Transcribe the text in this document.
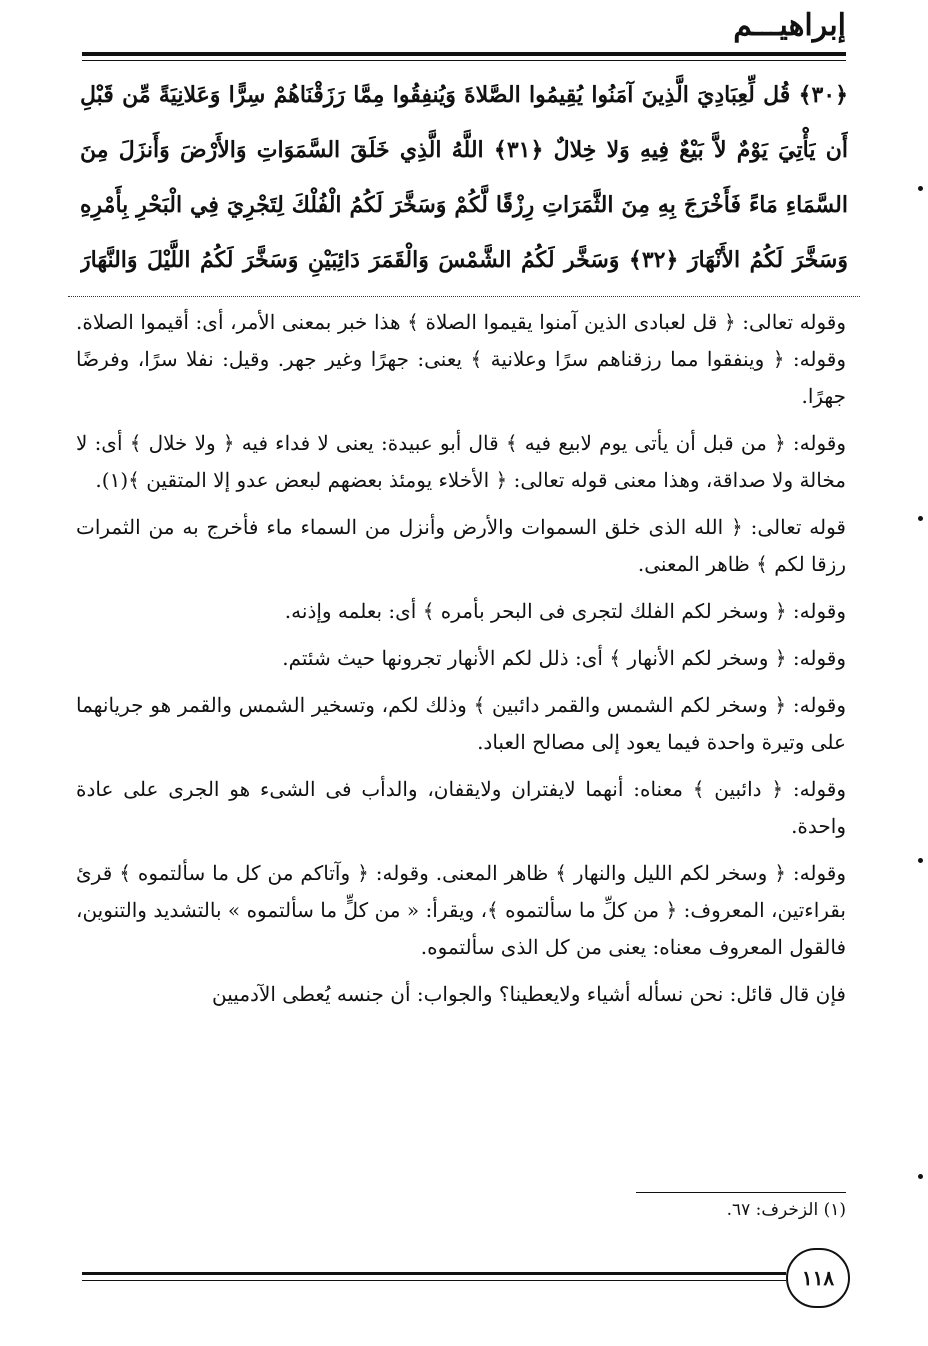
إبراهيـــم
﴿٣٠﴾ قُل لِّعِبَادِيَ الَّذِينَ آمَنُوا يُقِيمُوا الصَّلاةَ وَيُنفِقُوا مِمَّا رَزَقْنَاهُمْ سِرًّا وَعَلانِيَةً مِّن قَبْلِ
أَن يَأْتِيَ يَوْمٌ لاَّ بَيْعٌ فِيهِ وَلا خِلالٌ ﴿٣١﴾ اللَّهُ الَّذِي خَلَقَ السَّمَوَاتِ وَالأَرْضَ وَأَنزَلَ مِنَ
السَّمَاءِ مَاءً فَأَخْرَجَ بِهِ مِنَ الثَّمَرَاتِ رِزْقًا لَّكُمْ وَسَخَّرَ لَكُمُ الْفُلْكَ لِتَجْرِيَ فِي الْبَحْرِ بِأَمْرِهِ
وَسَخَّرَ لَكُمُ الأَنْهَارَ ﴿٣٢﴾ وَسَخَّر لَكُمُ الشَّمْسَ وَالْقَمَرَ دَائِبَيْنِ وَسَخَّرَ لَكُمُ اللَّيْلَ وَالنَّهَارَ

وقوله تعالى: ﴿ قل لعبادى الذين آمنوا يقيموا الصلاة ﴾ هذا خبر بمعنى الأمر، أى: أقيموا الصلاة. وقوله: ﴿ وينفقوا مما رزقناهم سرًا وعلانية ﴾ يعنى: جهرًا وغير جهر. وقيل: نفلا سرًا، وفرضًا جهرًا.

وقوله: ﴿ من قبل أن يأتى يوم لابيع فيه ﴾ قال أبو عبيدة: يعنى لا فداء فيه ﴿ ولا خلال ﴾ أى: لا مخالة ولا صداقة، وهذا معنى قوله تعالى: ﴿ الأخلاء يومئذ بعضهم لبعض عدو إلا المتقين ﴾(١).

قوله تعالى: ﴿ الله الذى خلق السموات والأرض وأنزل من السماء ماء فأخرج به من الثمرات رزقا لكم ﴾ ظاهر المعنى.

وقوله: ﴿ وسخر لكم الفلك لتجرى فى البحر بأمره ﴾ أى: بعلمه وإذنه.

وقوله: ﴿ وسخر لكم الأنهار ﴾ أى: ذلل لكم الأنهار تجرونها حيث شئتم.

وقوله: ﴿ وسخر لكم الشمس والقمر دائبين ﴾ وذلك لكم، وتسخير الشمس والقمر هو جريانهما على وتيرة واحدة فيما يعود إلى مصالح العباد.

وقوله: ﴿ دائبين ﴾ معناه: أنهما لايفتران ولايقفان، والدأب فى الشىء هو الجرى على عادة واحدة.

وقوله: ﴿ وسخر لكم الليل والنهار ﴾ ظاهر المعنى. وقوله: ﴿ وآتاكم من كل ما سألتموه ﴾ قرئ بقراءتين، المعروف: ﴿ من كلِّ ما سألتموه ﴾، ويقرأ: « من كلٍّ ما سألتموه » بالتشديد والتنوين، فالقول المعروف معناه: يعنى من كل الذى سألتموه.

فإن قال قائل: نحن نسأله أشياء ولايعطينا؟ والجواب: أن جنسه يُعطى الآدميين

(١) الزخرف: ٦٧.
١١٨
